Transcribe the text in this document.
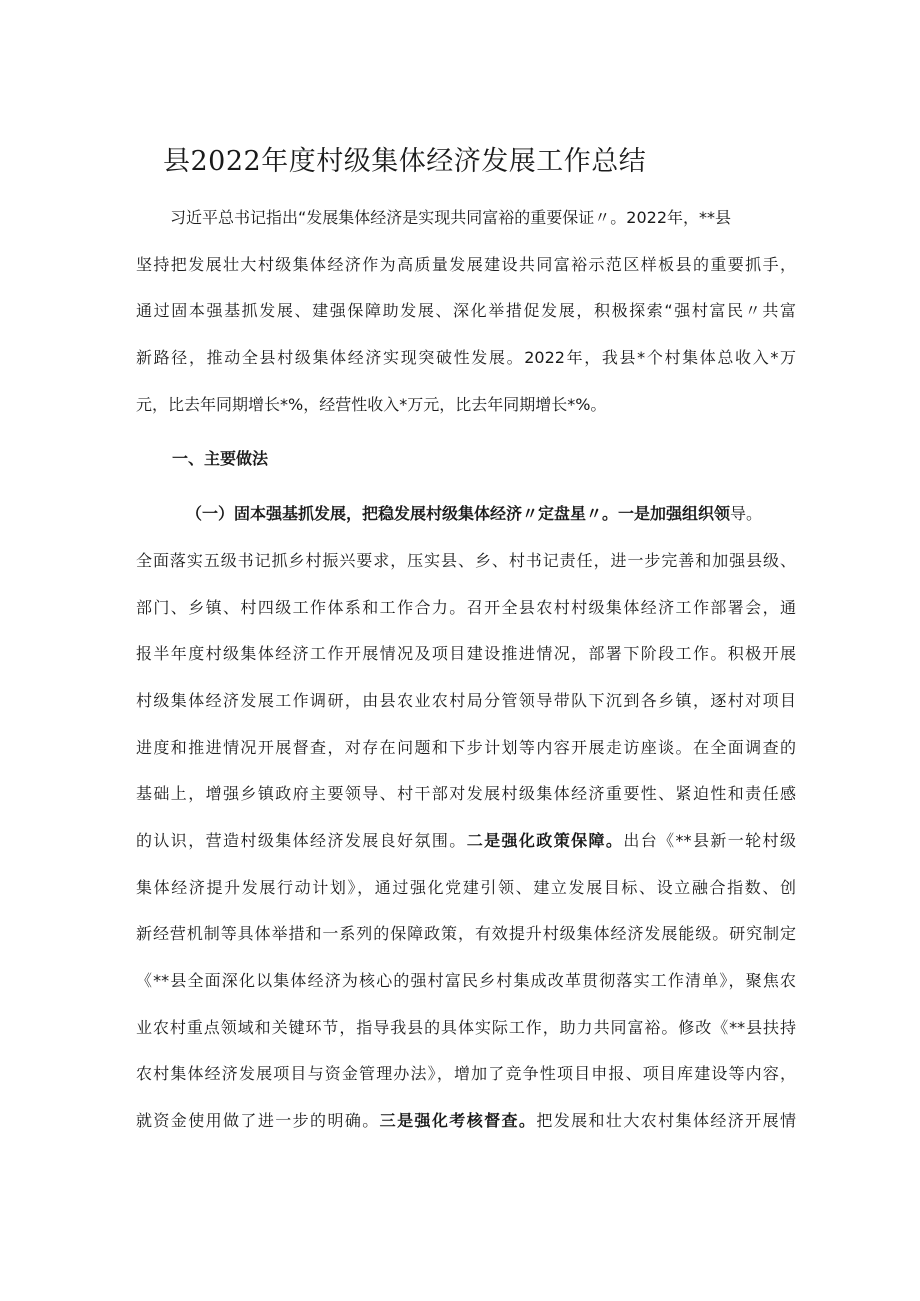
县2022年度村级集体经济发展工作总结
习近平总书记指出“发展集体经济是实现共同富裕的重要保证〃。2022年，**县
坚持把发展壮大村级集体经济作为高质量发展建设共同富裕示范区样板县的重要抓手，
通过固本强基抓发展、建强保障助发展、深化举措促发展，积极探索“强村富民〃共富
新路径，推动全县村级集体经济实现突破性发展。2022年，我县*个村集体总收入*万
元，比去年同期增长*%，经营性收入*万元，比去年同期增长*%。
一、主要做法
（一）固本强基抓发展，把稳发展村级集体经济〃定盘星〃。一是加强组织领导。
全面落实五级书记抓乡村振兴要求，压实县、乡、村书记责任，进一步完善和加强县级、
部门、乡镇、村四级工作体系和工作合力。召开全县农村村级集体经济工作部署会，通
报半年度村级集体经济工作开展情况及项目建设推进情况，部署下阶段工作。积极开展
村级集体经济发展工作调研，由县农业农村局分管领导带队下沉到各乡镇，逐村对项目
进度和推进情况开展督查，对存在问题和下步计划等内容开展走访座谈。在全面调查的
基础上，增强乡镇政府主要领导、村干部对发展村级集体经济重要性、紧迫性和责任感
的认识，营造村级集体经济发展良好氛围。二是强化政策保障。出台《**县新一轮村级
集体经济提升发展行动计划》，通过强化党建引领、建立发展目标、设立融合指数、创
新经营机制等具体举措和一系列的保障政策，有效提升村级集体经济发展能级。研究制定
《**县全面深化以集体经济为核心的强村富民乡村集成改革贯彻落实工作清单》，聚焦农
业农村重点领域和关键环节，指导我县的具体实际工作，助力共同富裕。修改《**县扶持
农村集体经济发展项目与资金管理办法》，增加了竞争性项目申报、项目库建设等内容，
就资金使用做了进一步的明确。三是强化考核督查。把发展和壮大农村集体经济开展情
